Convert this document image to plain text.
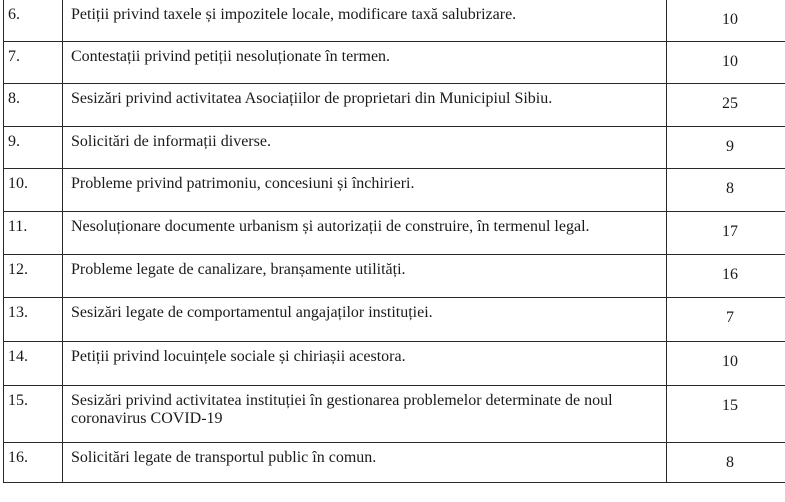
6.	Petiții privind taxele și impozitele locale, modificare taxă salubrizare.	10
7.	Contestații privind petiții nesoluționate în termen.	10
8.	Sesizări privind activitatea Asociațiilor de proprietari din Municipiul Sibiu.	25
9.	Solicitări de informații diverse.	9
10.	Probleme privind patrimoniu, concesiuni și închirieri.	8
11.	Nesoluționare documente urbanism și autorizații de construire, în termenul legal.	17
12.	Probleme legate de canalizare, branșamente utilități.	16
13.	Sesizări legate de comportamentul angajaților instituției.	7
14.	Petiții privind locuințele sociale și chiriașii acestora.	10
15.	Sesizări privind activitatea instituției în gestionarea problemelor determinate de noul coronavirus COVID-19	15
16.	Solicitări legate de transportul public în comun.	8
